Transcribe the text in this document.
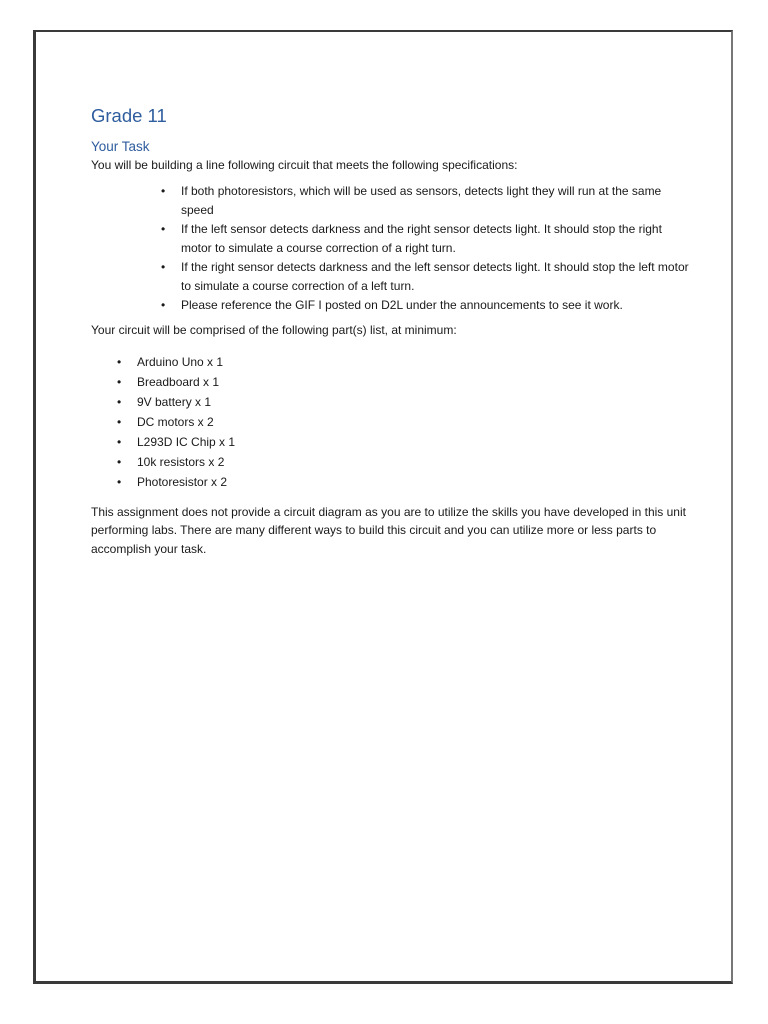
Grade 11
Your Task

You will be building a line following circuit that meets the following specifications:

• If both photoresistors, which will be used as sensors, detects light they will run at the same speed
• If the left sensor detects darkness and the right sensor detects light. It should stop the right motor to simulate a course correction of a right turn.
• If the right sensor detects darkness and the left sensor detects light. It should stop the left motor to simulate a course correction of a left turn.
• Please reference the GIF I posted on D2L under the announcements to see it work.

Your circuit will be comprised of the following part(s) list, at minimum:

• Arduino Uno x 1
• Breadboard x 1
• 9V battery x 1
• DC motors x 2
• L293D IC Chip x 1
• 10k resistors x 2
• Photoresistor x 2

This assignment does not provide a circuit diagram as you are to utilize the skills you have developed in this unit performing labs. There are many different ways to build this circuit and you can utilize more or less parts to accomplish your task.
